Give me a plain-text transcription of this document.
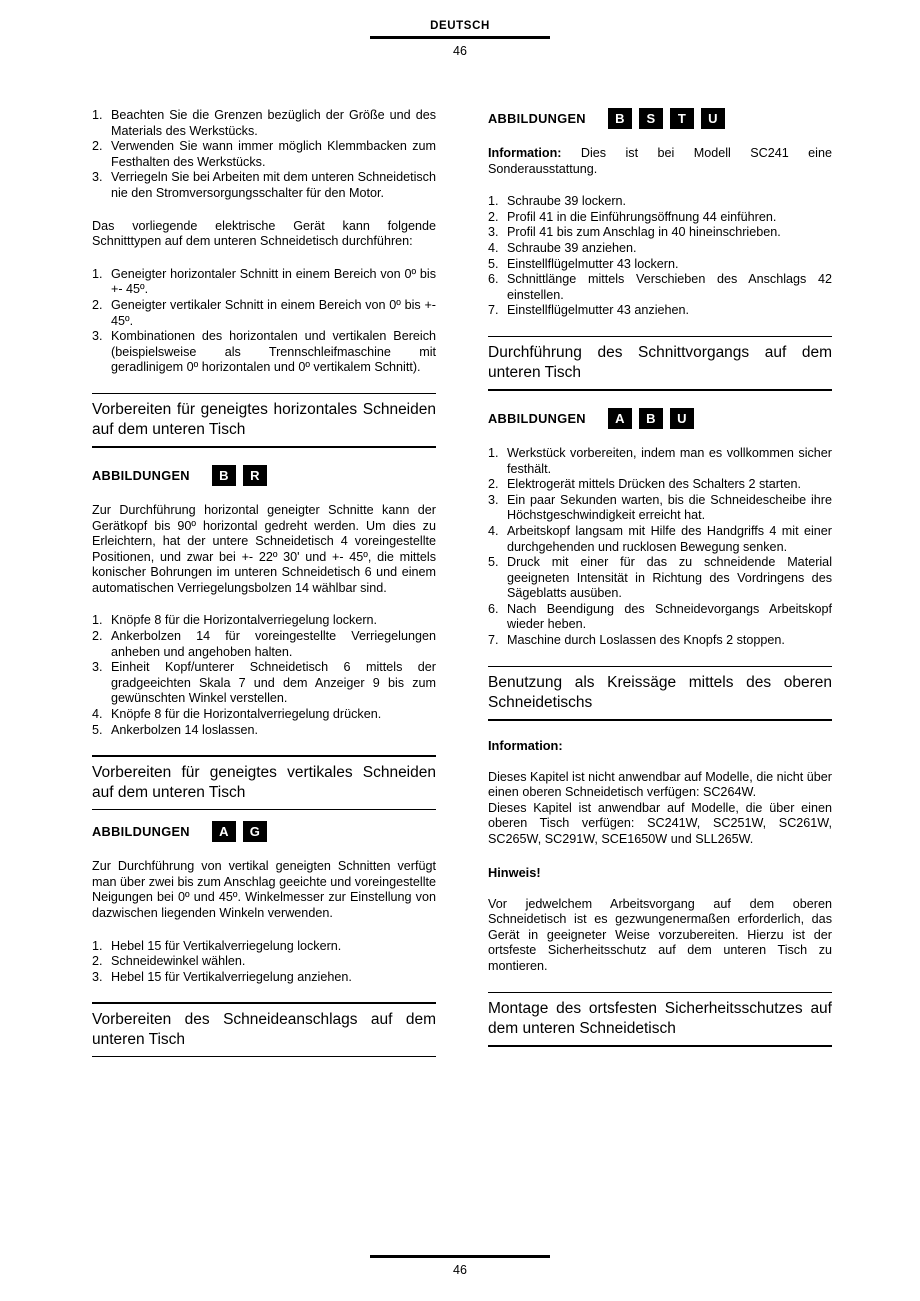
DEUTSCH
46
1. Beachten Sie die Grenzen bezüglich der Größe und des Materials des Werkstücks.
2. Verwenden Sie wann immer möglich Klemmbacken zum Festhalten des Werkstücks.
3. Verriegeln Sie bei Arbeiten mit dem unteren Schneidetisch nie den Stromversorgungsschalter für den Motor.

Das vorliegende elektrische Gerät kann folgende Schnitttypen auf dem unteren Schneidetisch durchführen:

1. Geneigter horizontaler Schnitt in einem Bereich von 0º bis +- 45º.
2. Geneigter vertikaler Schnitt in einem Bereich von 0º bis +- 45º.
3. Kombinationen des horizontalen und vertikalen Bereich (beispielsweise als Trennschleifmaschine mit geradlinigem 0º horizontalen und 0º vertikalem Schnitt).
Vorbereiten für geneigtes horizontales Schneiden auf dem unteren Tisch
ABBILDUNGEN	B	R

Zur Durchführung horizontal geneigter Schnitte kann der Gerätkopf bis 90º horizontal gedreht werden. Um dies zu Erleichtern, hat der untere Schneidetisch 4 voreingestellte Positionen, und zwar bei +- 22º 30' und +- 45º, die mittels konischer Bohrungen im unteren Schneidetisch 6 und einem automatischen Verriegelungsbolzen 14 wählbar sind.

1. Knöpfe 8 für die Horizontalverriegelung lockern.
2. Ankerbolzen 14 für voreingestellte Verriegelungen anheben und angehoben halten.
3. Einheit Kopf/unterer Schneidetisch 6 mittels der gradgeeichten Skala 7 und dem Anzeiger 9 bis zum gewünschten Winkel verstellen.
4. Knöpfe 8 für die Horizontalverriegelung drücken.
5. Ankerbolzen 14 loslassen.
Vorbereiten für geneigtes vertikales Schneiden auf dem unteren Tisch
ABBILDUNGEN	A	G

Zur Durchführung von vertikal geneigten Schnitten verfügt man über zwei bis zum Anschlag geeichte und voreingestellte Neigungen bei 0º und 45º. Winkelmesser zur Einstellung von dazwischen liegenden Winkeln verwenden.

1. Hebel 15 für Vertikalverriegelung lockern.
2. Schneidewinkel wählen.
3. Hebel 15 für Vertikalverriegelung anziehen.
Vorbereiten des Schneideanschlags auf dem unteren Tisch
ABBILDUNGEN	B	S	T	U

Information: Dies ist bei Modell SC241 eine Sonderausstattung.

1. Schraube 39 lockern.
2. Profil 41 in die Einführungsöffnung 44 einführen.
3. Profil 41 bis zum Anschlag in 40 hineinschrieben.
4. Schraube 39 anziehen.
5. Einstellflügelmutter 43 lockern.
6. Schnittlänge mittels Verschieben des Anschlags 42 einstellen.
7. Einstellflügelmutter 43 anziehen.
Durchführung des Schnittvorgangs auf dem unteren Tisch
ABBILDUNGEN	A	B	U
1. Werkstück vorbereiten, indem man es vollkommen sicher festhält.
2. Elektrogerät mittels Drücken des Schalters 2 starten.
3. Ein paar Sekunden warten, bis die Schneidescheibe ihre Höchstgeschwindigkeit erreicht hat.
4. Arbeitskopf langsam mit Hilfe des Handgriffs 4 mit einer durchgehenden und rucklosen Bewegung senken.
5. Druck mit einer für das zu schneidende Material geeigneten Intensität in Richtung des Vordringens des Sägeblatts ausüben.
6. Nach Beendigung des Schneidevorgangs Arbeitskopf wieder heben.
7. Maschine durch Loslassen des Knopfs 2 stoppen.
Benutzung als Kreissäge mittels des oberen Schneidetischs
Information:

Dieses Kapitel ist nicht anwendbar auf Modelle, die nicht über einen oberen Schneidetisch verfügen: SC264W.

Dieses Kapitel ist anwendbar auf Modelle, die über einen oberen Tisch verfügen: SC241W, SC251W, SC261W, SC265W, SC291W, SCE1650W und SLL265W.

Hinweis!

Vor jedwelchem Arbeitsvorgang auf dem oberen Schneidetisch ist es gezwungenermaßen erforderlich, das Gerät in geeigneter Weise vorzubereiten. Hierzu ist der ortsfeste Sicherheitsschutz auf dem unteren Tisch zu montieren.

Montage des ortsfesten Sicherheitsschutzes auf dem unteren Schneidetisch
46
